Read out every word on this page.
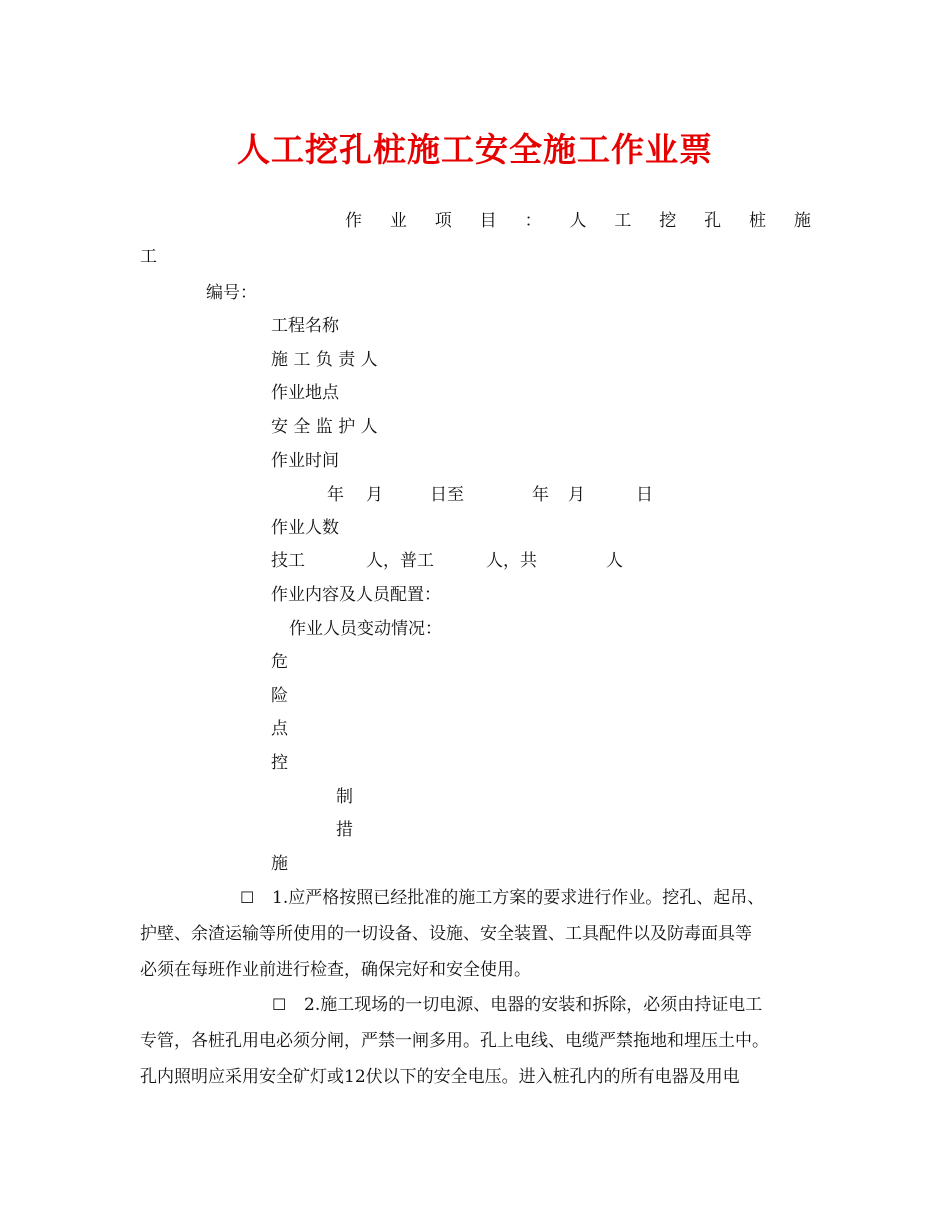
人工挖孔桩施工安全施工作业票
作 业 项 目 ： 人 工 挖 孔 桩 施
工
编号：
工程名称
施 工 负 责 人
作业地点
安 全 监 护 人
作业时间
年 月	日至	年 月	日
作业人数
技工	人，普工	人，共	人
作业内容及人员配置：
作业人员变动情况：
危
险
点
控
制
措
施
☐ 1.应严格按照已经批准的施工方案的要求进行作业。挖孔、起吊、
护壁、余渣运输等所使用的一切设备、设施、安全装置、工具配件以及防毒面具等
必须在每班作业前进行检查，确保完好和安全使用。
☐ 2.施工现场的一切电源、电器的安装和拆除，必须由持证电工
专管，各桩孔用电必须分闸，严禁一闸多用。孔上电线、电缆严禁拖地和埋压土中。
孔内照明应采用安全矿灯或12伏以下的安全电压。进入桩孔内的所有电器及用电
